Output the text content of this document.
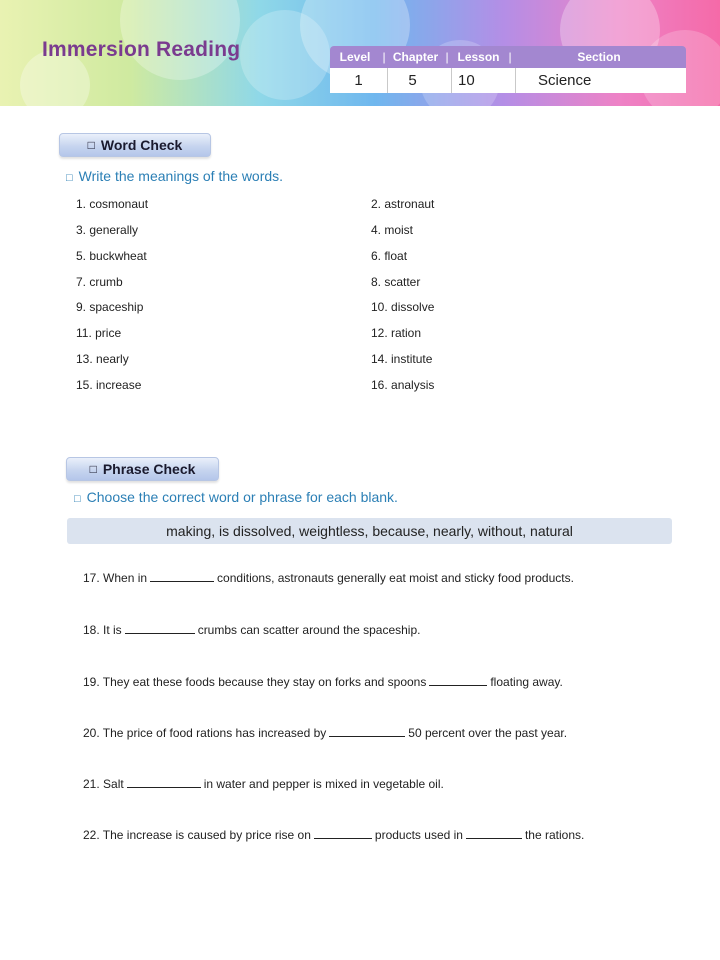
Immersion Reading	Level	| Chapter | Lesson |	Section
1	5	10	Science
□ Word Check
□ Write the meanings of the words.
1. cosmonaut	2. astronaut
3. generally	4. moist
5. buckwheat	6. float
7. crumb	8. scatter
9. spaceship	10. dissolve
11. price	12. ration
13. nearly	14. institute
15. increase	16. analysis
□ Phrase Check
□ Choose the correct word or phrase for each blank.
making, is dissolved, weightless, because, nearly, without, natural
17. When in	conditions, astronauts generally eat moist and sticky food products.
18. It is	crumbs can scatter around the spaceship.
19. They eat these foods because they stay on forks and spoons	floating away.
20. The price of food rations has increased by	50 percent over the past year.
21. Salt	in water and pepper is mixed in vegetable oil.
22. The increase is caused by price rise on	products used in	the rations.
